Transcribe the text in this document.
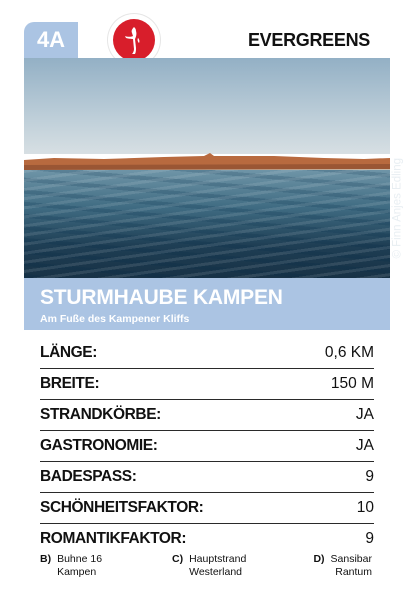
4A	EVERGREENS
© Finn Anjes Edling
STURMHAUBE KAMPEN
Am Fuße des Kampener Kliffs
LÄNGE:	0,6 KM
BREITE:	150 M
STRANDKÖRBE:	JA
GASTRONOMIE:	JA
BADESPASS:	9
SCHÖNHEITSFAKTOR:	10
ROMANTIKFAKTOR:	9
B) Buhne 16
Kampen
C) Hauptstrand
Westerland
D) Sansibar
Rantum
